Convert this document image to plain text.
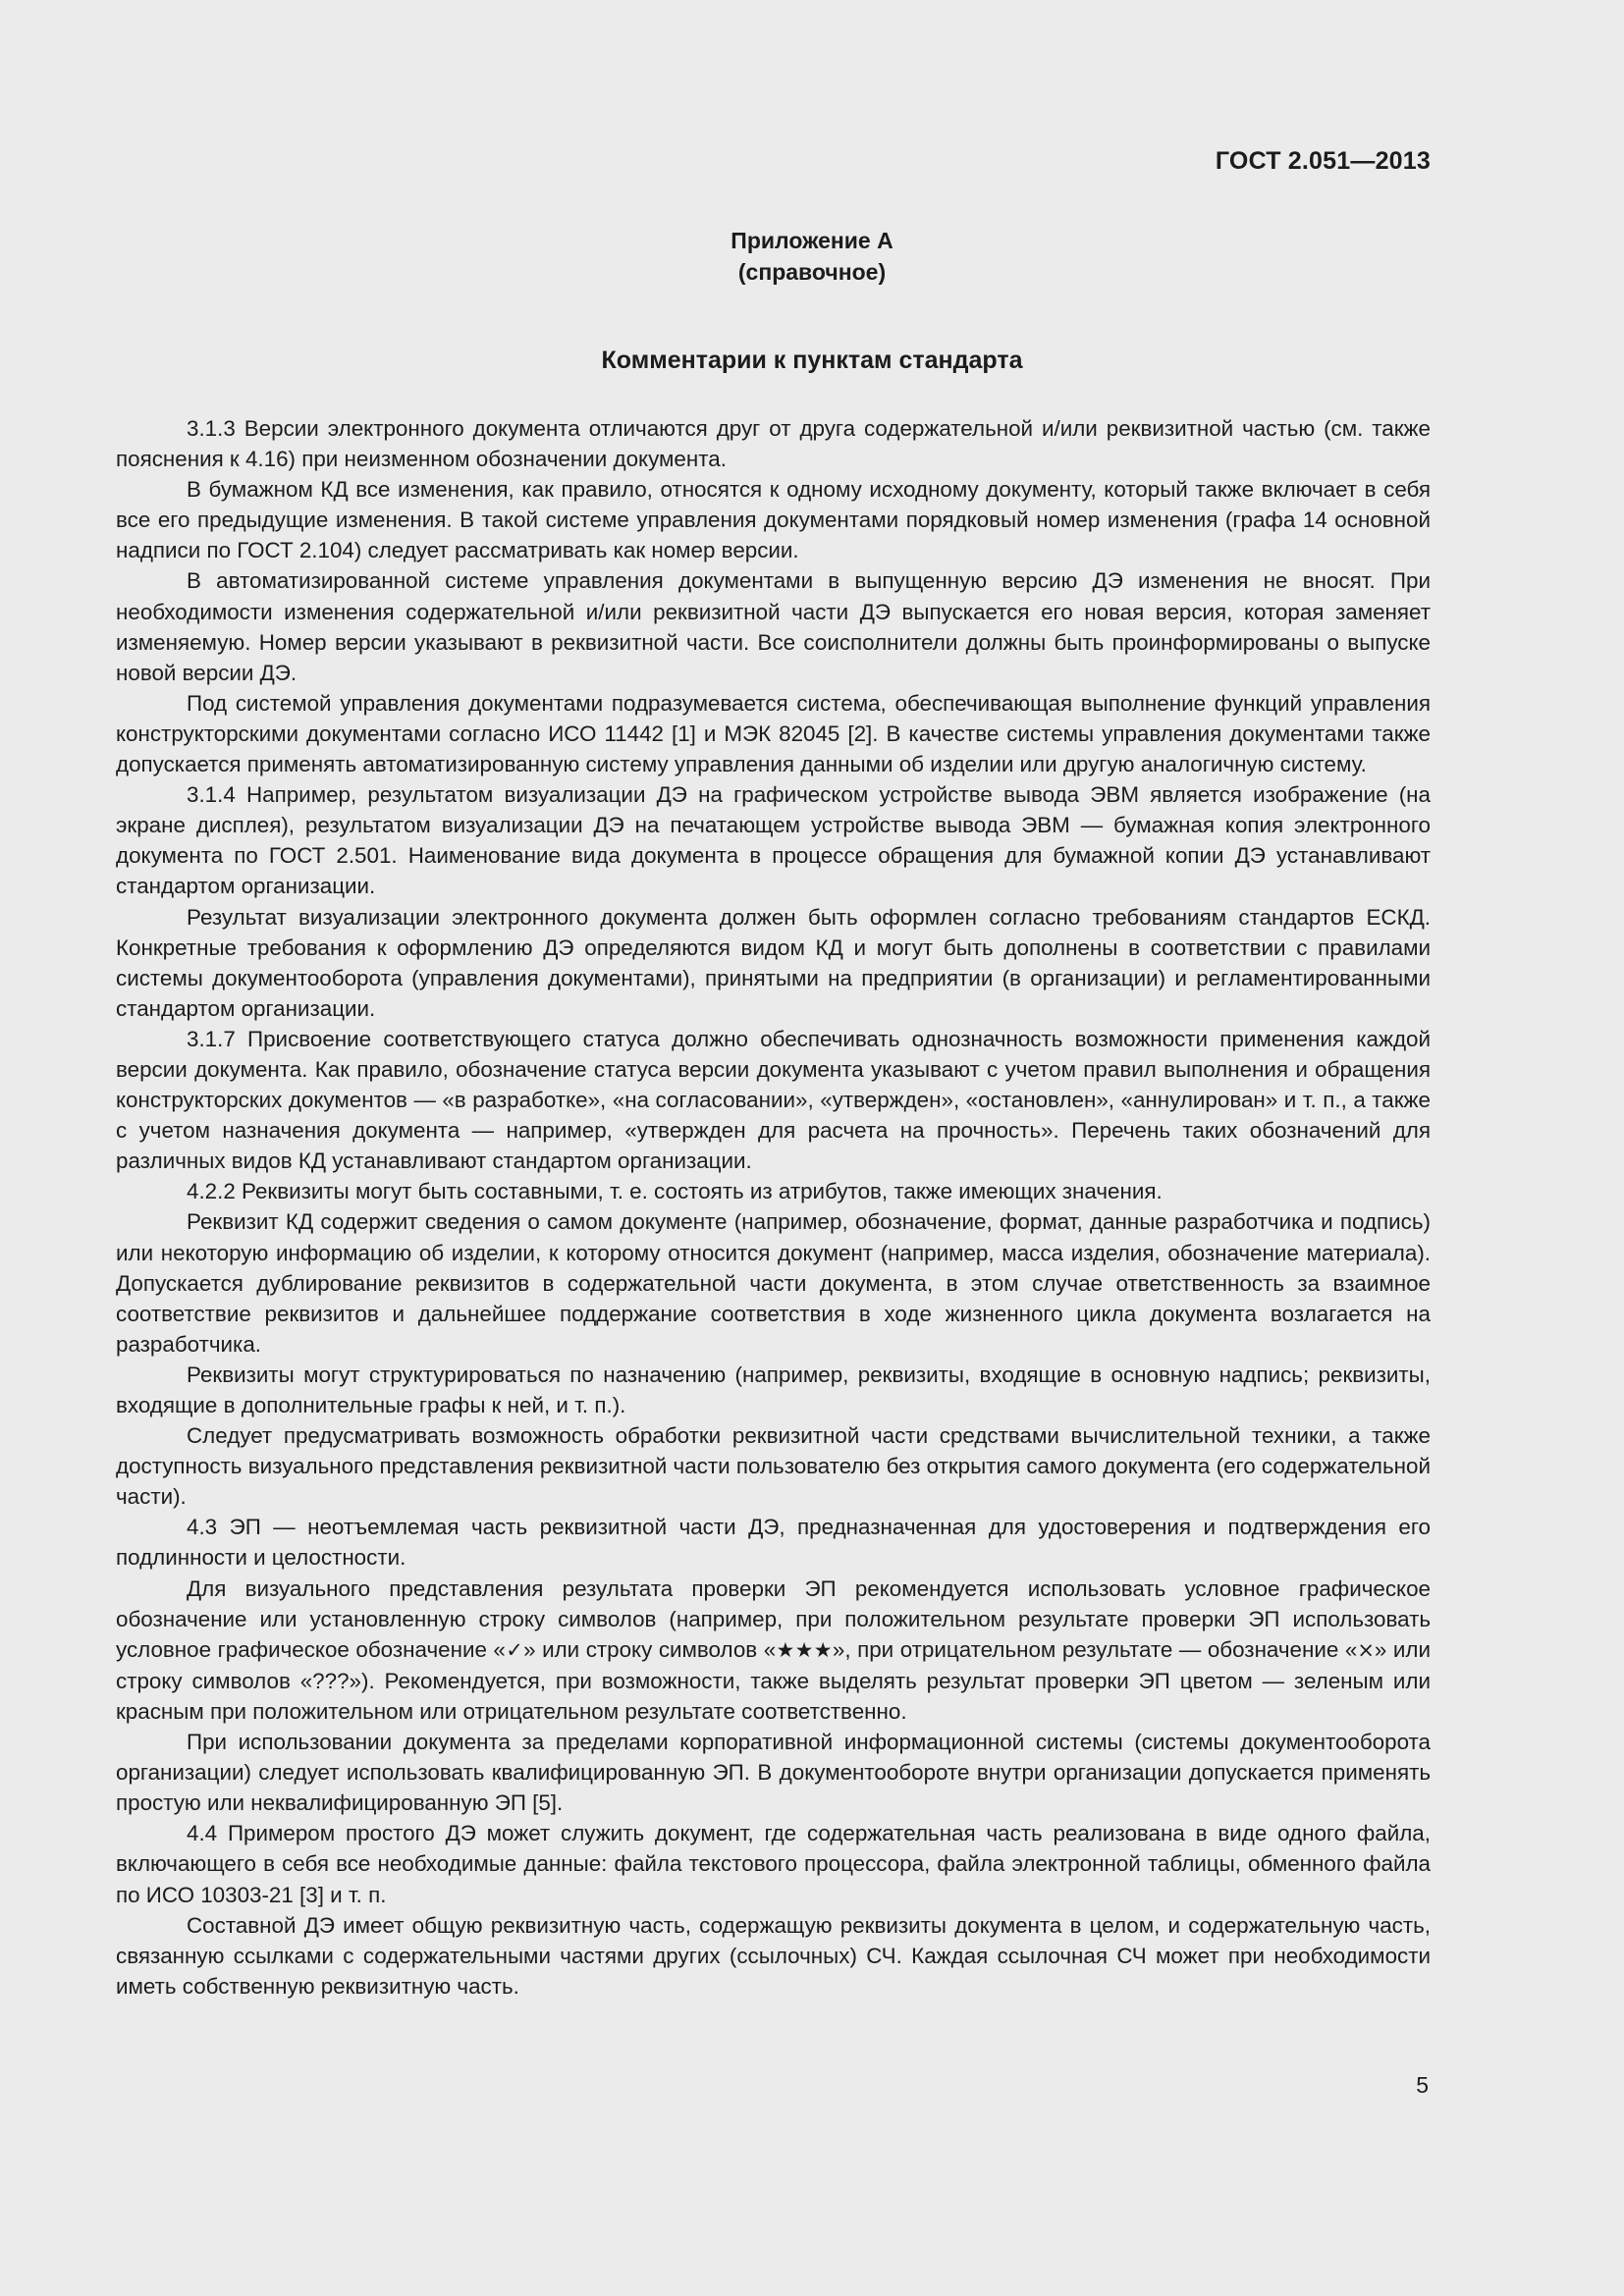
ГОСТ 2.051—2013
Приложение А
(справочное)
Комментарии к пунктам стандарта

3.1.3 Версии электронного документа отличаются друг от друга содержательной и/или реквизитной частью (см. также пояснения к 4.16) при неизменном обозначении документа.

В бумажном КД все изменения, как правило, относятся к одному исходному документу, который также включает в себя все его предыдущие изменения. В такой системе управления документами порядковый номер изменения (графа 14 основной надписи по ГОСТ 2.104) следует рассматривать как номер версии.

В автоматизированной системе управления документами в выпущенную версию ДЭ изменения не вносят. При необходимости изменения содержательной и/или реквизитной части ДЭ выпускается его новая версия, которая заменяет изменяемую. Номер версии указывают в реквизитной части. Все соисполнители должны быть проинформированы о выпуске новой версии ДЭ.

Под системой управления документами подразумевается система, обеспечивающая выполнение функций управления конструкторскими документами согласно ИСО 11442 [1] и МЭК 82045 [2]. В качестве системы управления документами также допускается применять автоматизированную систему управления данными об изделии или другую аналогичную систему.

3.1.4 Например, результатом визуализации ДЭ на графическом устройстве вывода ЭВМ является изображение (на экране дисплея), результатом визуализации ДЭ на печатающем устройстве вывода ЭВМ — бумажная копия электронного документа по ГОСТ 2.501. Наименование вида документа в процессе обращения для бумажной копии ДЭ устанавливают стандартом организации.

Результат визуализации электронного документа должен быть оформлен согласно требованиям стандартов ЕСКД. Конкретные требования к оформлению ДЭ определяются видом КД и могут быть дополнены в соответствии с правилами системы документооборота (управления документами), принятыми на предприятии (в организации) и регламентированными стандартом организации.

3.1.7 Присвоение соответствующего статуса должно обеспечивать однозначность возможности применения каждой версии документа. Как правило, обозначение статуса версии документа указывают с учетом правил выполнения и обращения конструкторских документов — «в разработке», «на согласовании», «утвержден», «остановлен», «аннулирован» и т. п., а также с учетом назначения документа — например, «утвержден для расчета на прочность». Перечень таких обозначений для различных видов КД устанавливают стандартом организации.

4.2.2 Реквизиты могут быть составными, т. е. состоять из атрибутов, также имеющих значения.

Реквизит КД содержит сведения о самом документе (например, обозначение, формат, данные разработчика и подпись) или некоторую информацию об изделии, к которому относится документ (например, масса изделия, обозначение материала). Допускается дублирование реквизитов в содержательной части документа, в этом случае ответственность за взаимное соответствие реквизитов и дальнейшее поддержание соответствия в ходе жизненного цикла документа возлагается на разработчика.

Реквизиты могут структурироваться по назначению (например, реквизиты, входящие в основную надпись; реквизиты, входящие в дополнительные графы к ней, и т. п.).

Следует предусматривать возможность обработки реквизитной части средствами вычислительной техники, а также доступность визуального представления реквизитной части пользователю без открытия самого документа (его содержательной части).

4.3 ЭП — неотъемлемая часть реквизитной части ДЭ, предназначенная для удостоверения и подтверждения его подлинности и целостности.

Для визуального представления результата проверки ЭП рекомендуется использовать условное графическое обозначение или установленную строку символов (например, при положительном результате проверки ЭП использовать условное графическое обозначение «✓» или строку символов «★★★», при отрицательном результате — обозначение «×» или строку символов «???»). Рекомендуется, при возможности, также выделять результат проверки ЭП цветом — зеленым или красным при положительном или отрицательном результате соответственно.

При использовании документа за пределами корпоративной информационной системы (системы документооборота организации) следует использовать квалифицированную ЭП. В документообороте внутри организации допускается применять простую или неквалифицированную ЭП [5].

4.4 Примером простого ДЭ может служить документ, где содержательная часть реализована в виде одного файла, включающего в себя все необходимые данные: файла текстового процессора, файла электронной таблицы, обменного файла по ИСО 10303-21 [3] и т. п.

Составной ДЭ имеет общую реквизитную часть, содержащую реквизиты документа в целом, и содержательную часть, связанную ссылками с содержательными частями других (ссылочных) СЧ. Каждая ссылочная СЧ может при необходимости иметь собственную реквизитную часть.

5
